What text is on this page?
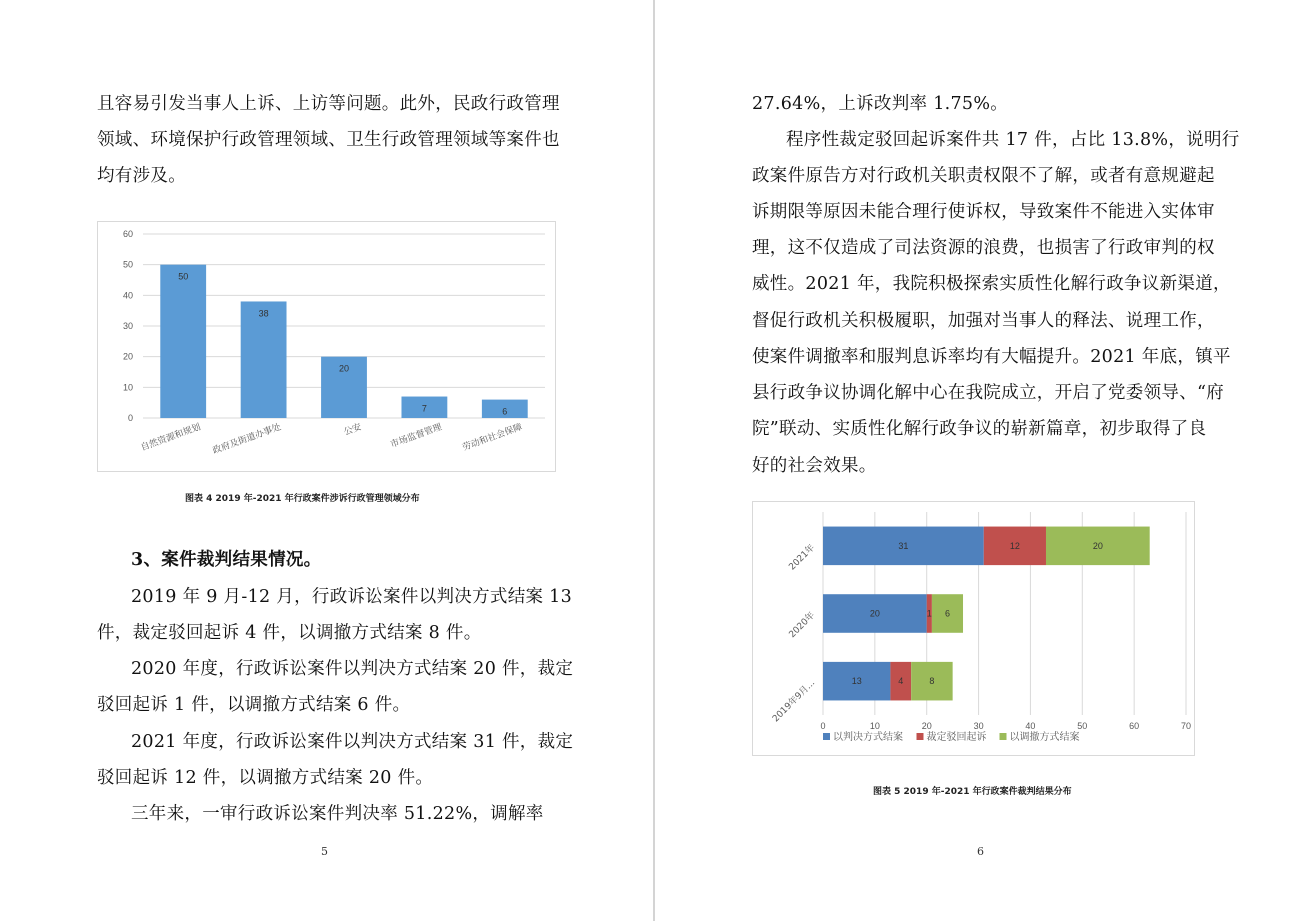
且容易引发当事人上诉、上访等问题。此外，民政行政管理
领域、环境保护行政管理领域、卫生行政管理领域等案件也
均有涉及。
0
10
20
30
40
50
60
50
自然资源和规划
38
政府及街道办事处
20
公安
7
市场监督管理
6
劳动和社会保障
图表 4 2019 年-2021 年行政案件涉诉行政管理领域分布
3、案件裁判结果情况。
2019 年 9 月-12 月，行政诉讼案件以判决方式结案 13
件，裁定驳回起诉 4 件，以调撤方式结案 8 件。
2020 年度，行政诉讼案件以判决方式结案 20 件，裁定
驳回起诉 1 件，以调撤方式结案 6 件。
2021 年度，行政诉讼案件以判决方式结案 31 件，裁定
驳回起诉 12 件，以调撤方式结案 20 件。
三年来，一审行政诉讼案件判决率 51.22%，调解率
5
27.64%，上诉改判率 1.75%。
程序性裁定驳回起诉案件共 17 件，占比 13.8%，说明行
政案件原告方对行政机关职责权限不了解，或者有意规避起
诉期限等原因未能合理行使诉权，导致案件不能进入实体审
理，这不仅造成了司法资源的浪费，也损害了行政审判的权
威性。2021 年，我院积极探索实质性化解行政争议新渠道，
督促行政机关积极履职，加强对当事人的释法、说理工作，
使案件调撤率和服判息诉率均有大幅提升。2021 年底，镇平
县行政争议协调化解中心在我院成立，开启了党委领导、“府
院”联动、实质性化解行政争议的崭新篇章，初步取得了良
好的社会效果。
0	10	20	30	40	50	60	70
31	12	20
2021年
20	1 6
2020年
13	4	8
2019年9月...
以判决方式结案 裁定驳回起诉 以调撤方式结案
图表 5 2019 年-2021 年行政案件裁判结果分布
6
